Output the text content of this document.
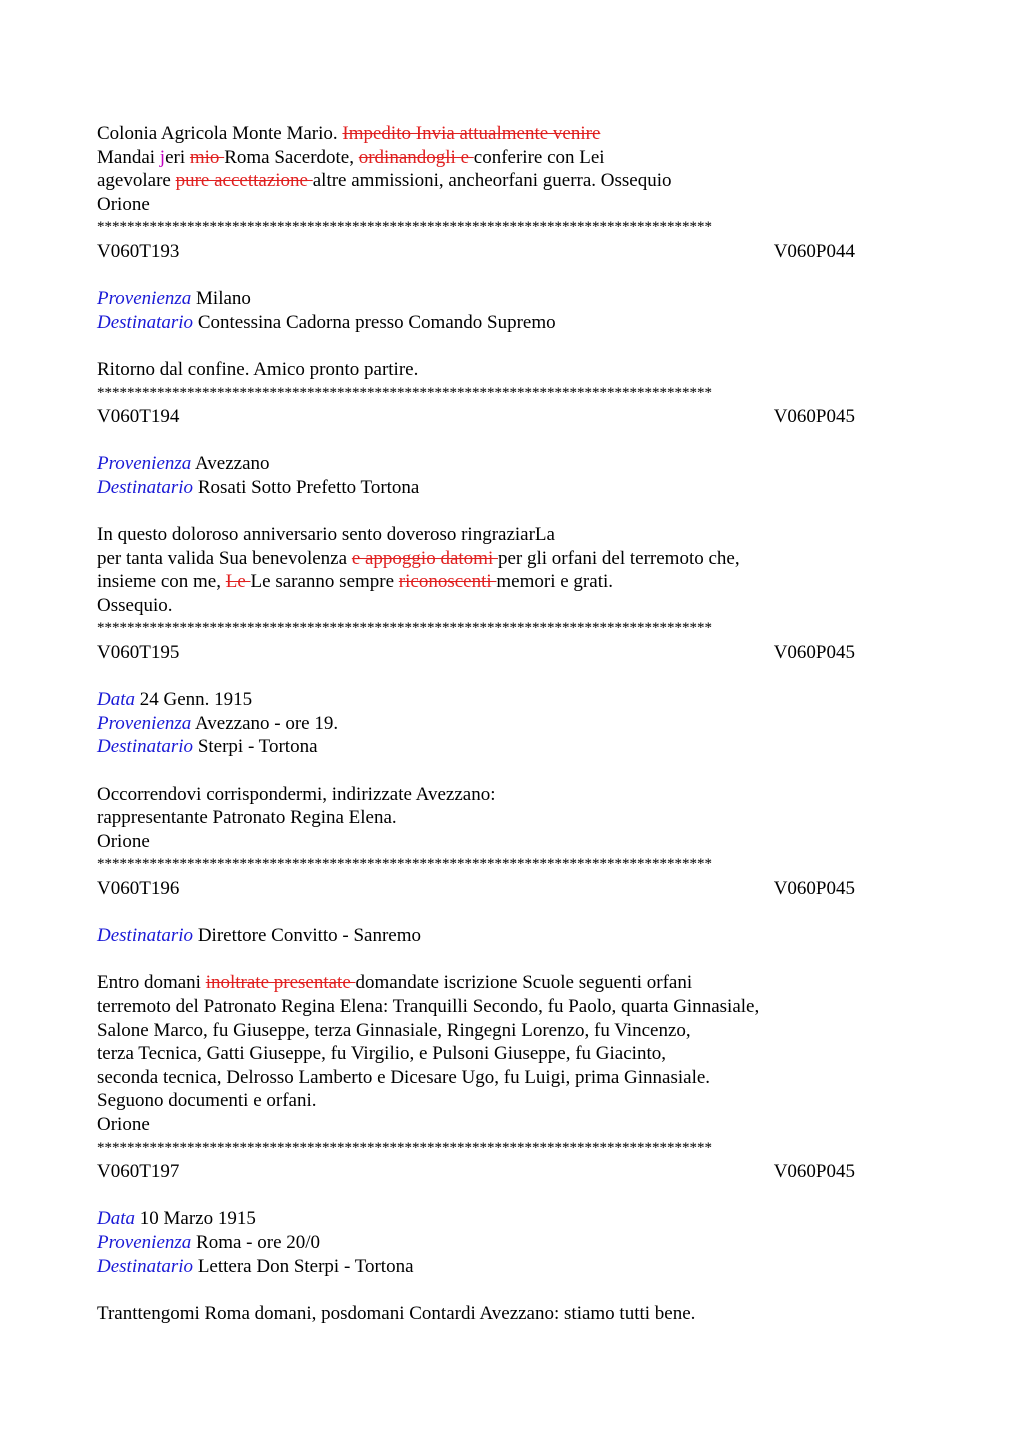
Colonia Agricola Monte Mario. Impedito Invia attualmente venire
Mandai jeri mio Roma Sacerdote, ordinandogli e conferire con Lei
agevolare pure accettazione altre ammissioni, ancheorfani guerra. Ossequio
Orione
**********************************************************************************
V060T193	V060P044
Provenienza Milano
Destinatario Contessina Cadorna presso Comando Supremo
Ritorno dal confine. Amico pronto partire.
**********************************************************************************
V060T194	V060P045
Provenienza Avezzano
Destinatario Rosati Sotto Prefetto Tortona
In questo doloroso anniversario sento doveroso ringraziarLa
per tanta valida Sua benevolenza e appoggio datomi per gli orfani del terremoto che,
insieme con me, Le Le saranno sempre riconoscenti memori e grati.
Ossequio.
**********************************************************************************
V060T195	V060P045
Data 24 Genn. 1915
Provenienza Avezzano - ore 19.
Destinatario Sterpi - Tortona
Occorrendovi corrispondermi, indirizzate Avezzano:
rappresentante Patronato Regina Elena.
Orione
**********************************************************************************
V060T196	V060P045
Destinatario Direttore Convitto - Sanremo
Entro domani inoltrate presentate domandate iscrizione Scuole seguenti orfani
terremoto del Patronato Regina Elena: Tranquilli Secondo, fu Paolo, quarta Ginnasiale,
Salone Marco, fu Giuseppe, terza Ginnasiale, Ringegni Lorenzo, fu Vincenzo,
terza Tecnica, Gatti Giuseppe, fu Virgilio, e Pulsoni Giuseppe, fu Giacinto,
seconda tecnica, Delrosso Lamberto e Dicesare Ugo, fu Luigi, prima Ginnasiale.
Seguono documenti e orfani.
Orione
**********************************************************************************
V060T197	V060P045
Data 10 Marzo 1915
Provenienza Roma - ore 20/0
Destinatario Lettera Don Sterpi - Tortona
Tranttengomi Roma domani, posdomani Contardi Avezzano: stiamo tutti bene.
